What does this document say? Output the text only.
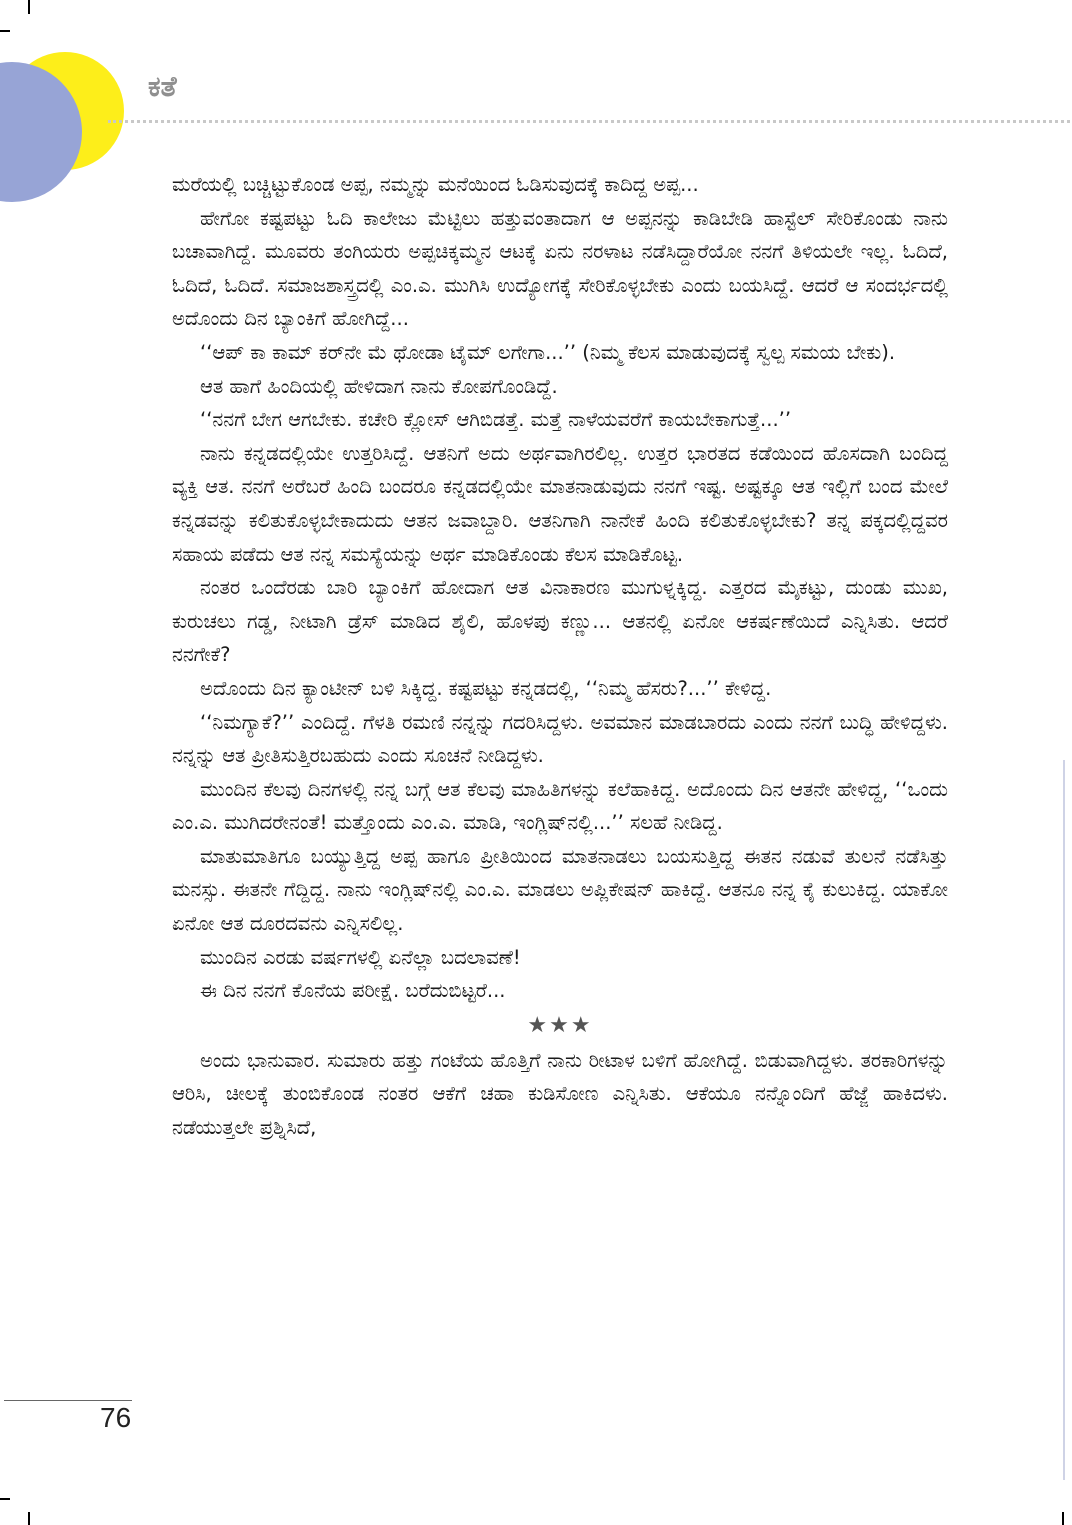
ಕತೆ

ಮರೆಯಲ್ಲಿ ಬಚ್ಚಿಟ್ಟುಕೊಂಡ ಅಪ್ಪ, ನಮ್ಮನ್ನು ಮನೆಯಿಂದ ಓಡಿಸುವುದಕ್ಕೆ ಕಾದಿದ್ದ ಅಪ್ಪ...

ಹೇಗೋ ಕಷ್ಟಪಟ್ಟು ಓದಿ ಕಾಲೇಜು ಮೆಟ್ಟಿಲು ಹತ್ತುವಂತಾದಾಗ ಆ ಅಪ್ಪನನ್ನು ಕಾಡಿಬೇಡಿ ಹಾಸ್ಟೆಲ್ ಸೇರಿಕೊಂಡು ನಾನು ಬಚಾವಾಗಿದ್ದೆ. ಮೂವರು ತಂಗಿಯರು ಅಪ್ಪಚಿಕ್ಕಮ್ಮನ ಆಟಕ್ಕೆ ಏನು ನರಳಾಟ ನಡೆಸಿದ್ದಾರೆಯೋ ನನಗೆ ತಿಳಿಯಲೇ ಇಲ್ಲ. ಓದಿದೆ, ಓದಿದೆ, ಓದಿದೆ. ಸಮಾಜಶಾಸ್ತ್ರದಲ್ಲಿ ಎಂ.ಎ. ಮುಗಿಸಿ ಉದ್ಯೋಗಕ್ಕೆ ಸೇರಿಕೊಳ್ಳಬೇಕು ಎಂದು ಬಯಸಿದ್ದೆ. ಆದರೆ ಆ ಸಂದರ್ಭದಲ್ಲಿ ಅದೊಂದು ದಿನ ಬ್ಯಾಂಕಿಗೆ ಹೋಗಿದ್ದೆ...

‘‘ಆಪ್ ಕಾ ಕಾಮ್ ಕರ್‌ನೇ ಮೆ ಥೋಡಾ ಟೈಮ್ ಲಗೇಗಾ...’’ (ನಿಮ್ಮ ಕೆಲಸ ಮಾಡುವುದಕ್ಕೆ ಸ್ವಲ್ಪ ಸಮಯ ಬೇಕು).

ಆತ ಹಾಗೆ ಹಿಂದಿಯಲ್ಲಿ ಹೇಳಿದಾಗ ನಾನು ಕೋಪಗೊಂಡಿದ್ದೆ.

‘‘ನನಗೆ ಬೇಗ ಆಗಬೇಕು. ಕಚೇರಿ ಕ್ಲೋಸ್ ಆಗಿಬಿಡತ್ತೆ. ಮತ್ತೆ ನಾಳೆಯವರೆಗೆ ಕಾಯಬೇಕಾಗುತ್ತೆ...’’

ನಾನು ಕನ್ನಡದಲ್ಲಿಯೇ ಉತ್ತರಿಸಿದ್ದೆ. ಆತನಿಗೆ ಅದು ಅರ್ಥವಾಗಿರಲಿಲ್ಲ. ಉತ್ತರ ಭಾರತದ ಕಡೆಯಿಂದ ಹೊಸದಾಗಿ ಬಂದಿದ್ದ ವ್ಯಕ್ತಿ ಆತ. ನನಗೆ ಅರೆಬರೆ ಹಿಂದಿ ಬಂದರೂ ಕನ್ನಡದಲ್ಲಿಯೇ ಮಾತನಾಡುವುದು ನನಗೆ ಇಷ್ಟ. ಅಷ್ಟಕ್ಕೂ ಆತ ಇಲ್ಲಿಗೆ ಬಂದ ಮೇಲೆ ಕನ್ನಡವನ್ನು ಕಲಿತುಕೊಳ್ಳಬೇಕಾದುದು ಆತನ ಜವಾಬ್ದಾರಿ. ಆತನಿಗಾಗಿ ನಾನೇಕೆ ಹಿಂದಿ ಕಲಿತುಕೊಳ್ಳಬೇಕು? ತನ್ನ ಪಕ್ಕದಲ್ಲಿದ್ದವರ ಸಹಾಯ ಪಡೆದು ಆತ ನನ್ನ ಸಮಸ್ಯೆಯನ್ನು ಅರ್ಥ ಮಾಡಿಕೊಂಡು ಕೆಲಸ ಮಾಡಿಕೊಟ್ಟ.

ನಂತರ ಒಂದೆರಡು ಬಾರಿ ಬ್ಯಾಂಕಿಗೆ ಹೋದಾಗ ಆತ ವಿನಾಕಾರಣ ಮುಗುಳ್ನಕ್ಕಿದ್ದ. ಎತ್ತರದ ಮೈಕಟ್ಟು, ದುಂಡು ಮುಖ, ಕುರುಚಲು ಗಡ್ಡ, ನೀಟಾಗಿ ಡ್ರೆಸ್ ಮಾಡಿದ ಶೈಲಿ, ಹೊಳಪು ಕಣ್ಣು... ಆತನಲ್ಲಿ ಏನೋ ಆಕರ್ಷಣೆಯಿದೆ ಎನ್ನಿಸಿತು. ಆದರೆ ನನಗೇಕೆ?

ಅದೊಂದು ದಿನ ಕ್ಯಾಂಟೀನ್ ಬಳಿ ಸಿಕ್ಕಿದ್ದ. ಕಷ್ಟಪಟ್ಟು ಕನ್ನಡದಲ್ಲಿ, ‘‘ನಿಮ್ಮ ಹೆಸರು?...’’ ಕೇಳಿದ್ದ.

‘‘ನಿಮಗ್ಯಾಕೆ?’’ ಎಂದಿದ್ದೆ. ಗೆಳತಿ ರಮಣಿ ನನ್ನನ್ನು ಗದರಿಸಿದ್ದಳು. ಅವಮಾನ ಮಾಡಬಾರದು ಎಂದು ನನಗೆ ಬುದ್ಧಿ ಹೇಳಿದ್ದಳು. ನನ್ನನ್ನು ಆತ ಪ್ರೀತಿಸುತ್ತಿರಬಹುದು ಎಂದು ಸೂಚನೆ ನೀಡಿದ್ದಳು.

ಮುಂದಿನ ಕೆಲವು ದಿನಗಳಲ್ಲಿ ನನ್ನ ಬಗ್ಗೆ ಆತ ಕೆಲವು ಮಾಹಿತಿಗಳನ್ನು ಕಲೆಹಾಕಿದ್ದ. ಅದೊಂದು ದಿನ ಆತನೇ ಹೇಳಿದ್ದ, ‘‘ಒಂದು ಎಂ.ಎ. ಮುಗಿದರೇನಂತೆ! ಮತ್ತೊಂದು ಎಂ.ಎ. ಮಾಡಿ, ಇಂಗ್ಲಿಷ್‌ನಲ್ಲಿ...’’ ಸಲಹೆ ನೀಡಿದ್ದ.

ಮಾತುಮಾತಿಗೂ ಬಯ್ಯುತ್ತಿದ್ದ ಅಪ್ಪ ಹಾಗೂ ಪ್ರೀತಿಯಿಂದ ಮಾತನಾಡಲು ಬಯಸುತ್ತಿದ್ದ ಈತನ ನಡುವೆ ತುಲನೆ ನಡೆಸಿತ್ತು ಮನಸ್ಸು. ಈತನೇ ಗೆದ್ದಿದ್ದ. ನಾನು ಇಂಗ್ಲಿಷ್‌ನಲ್ಲಿ ಎಂ.ಎ. ಮಾಡಲು ಅಪ್ಲಿಕೇಷನ್ ಹಾಕಿದ್ದೆ. ಆತನೂ ನನ್ನ ಕೈ ಕುಲುಕಿದ್ದ. ಯಾಕೋ ಏನೋ ಆತ ದೂರದವನು ಎನ್ನಿಸಲಿಲ್ಲ.

ಮುಂದಿನ ಎರಡು ವರ್ಷಗಳಲ್ಲಿ ಏನೆಲ್ಲಾ ಬದಲಾವಣೆ!

ಈ ದಿನ ನನಗೆ ಕೊನೆಯ ಪರೀಕ್ಷೆ. ಬರೆದುಬಿಟ್ಟರೆ...

★★★

ಅಂದು ಭಾನುವಾರ. ಸುಮಾರು ಹತ್ತು ಗಂಟೆಯ ಹೊತ್ತಿಗೆ ನಾನು ರೀಟಾಳ ಬಳಿಗೆ ಹೋಗಿದ್ದೆ. ಬಿಡುವಾಗಿದ್ದಳು. ತರಕಾರಿಗಳನ್ನು ಆರಿಸಿ, ಚೀಲಕ್ಕೆ ತುಂಬಿಕೊಂಡ ನಂತರ ಆಕೆಗೆ ಚಹಾ ಕುಡಿಸೋಣ ಎನ್ನಿಸಿತು. ಆಕೆಯೂ ನನ್ನೊಂದಿಗೆ ಹೆಜ್ಜೆ ಹಾಕಿದಳು. ನಡೆಯುತ್ತಲೇ ಪ್ರಶ್ನಿಸಿದೆ,

76
